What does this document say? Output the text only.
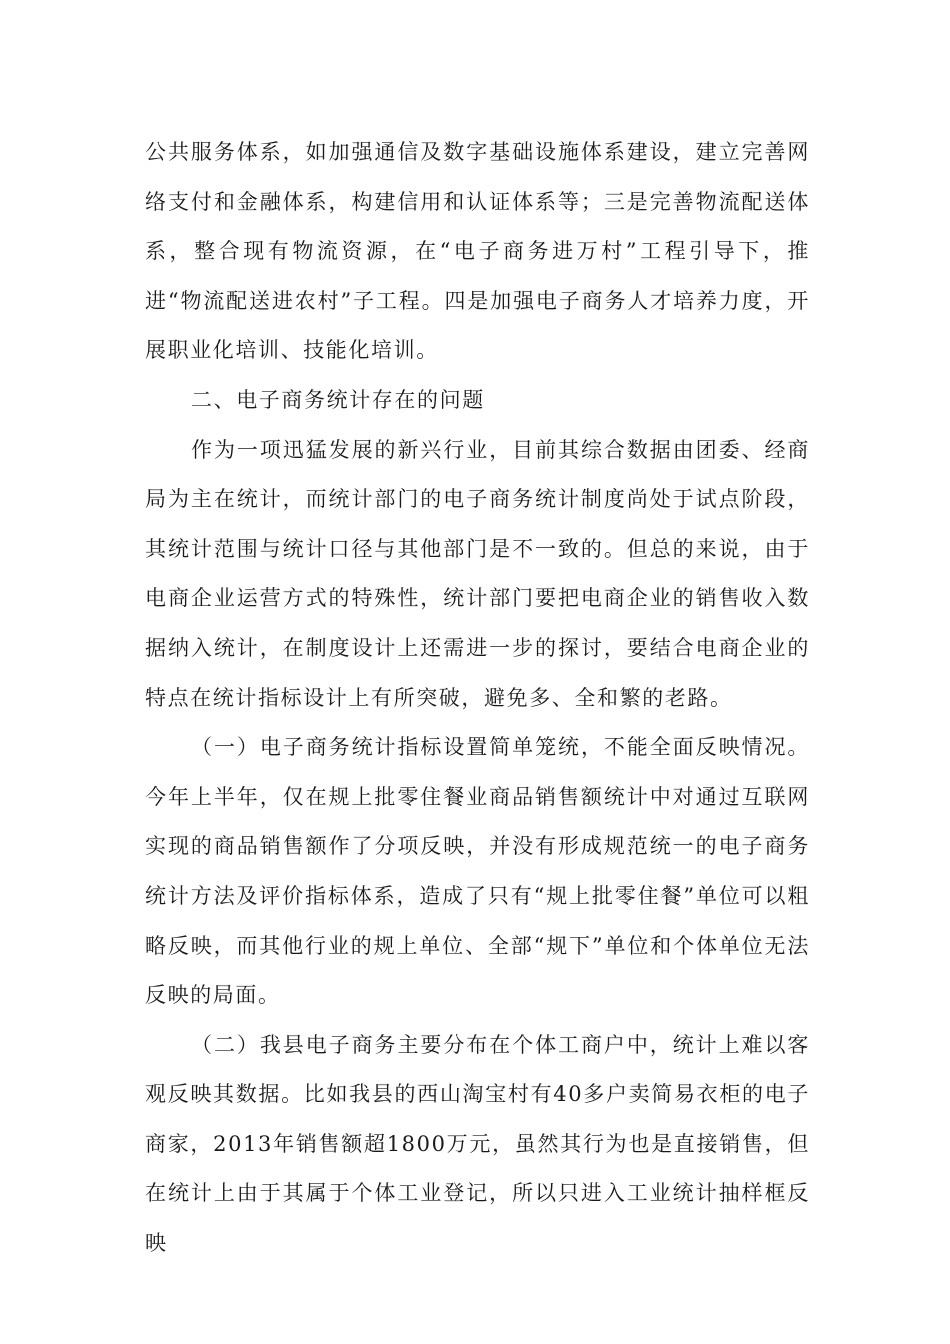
公共服务体系，如加强通信及数字基础设施体系建设，建立完善网络支付和金融体系，构建信用和认证体系等；三是完善物流配送体系，整合现有物流资源，在“电子商务进万村”工程引导下，推进“物流配送进农村”子工程。四是加强电子商务人才培养力度，开展职业化培训、技能化培训。

二、电子商务统计存在的问题

作为一项迅猛发展的新兴行业，目前其综合数据由团委、经商局为主在统计，而统计部门的电子商务统计制度尚处于试点阶段，其统计范围与统计口径与其他部门是不一致的。但总的来说，由于电商企业运营方式的特殊性，统计部门要把电商企业的销售收入数据纳入统计，在制度设计上还需进一步的探讨，要结合电商企业的特点在统计指标设计上有所突破，避免多、全和繁的老路。

（一）电子商务统计指标设置简单笼统，不能全面反映情况。今年上半年，仅在规上批零住餐业商品销售额统计中对通过互联网实现的商品销售额作了分项反映，并没有形成规范统一的电子商务统计方法及评价指标体系，造成了只有“规上批零住餐”单位可以粗略反映，而其他行业的规上单位、全部“规下”单位和个体单位无法反映的局面。

（二）我县电子商务主要分布在个体工商户中，统计上难以客观反映其数据。比如我县的西山淘宝村有40多户卖简易衣柜的电子商家，2013年销售额超1800万元，虽然其行为也是直接销售，但在统计上由于其属于个体工业登记，所以只进入工业统计抽样框反映
